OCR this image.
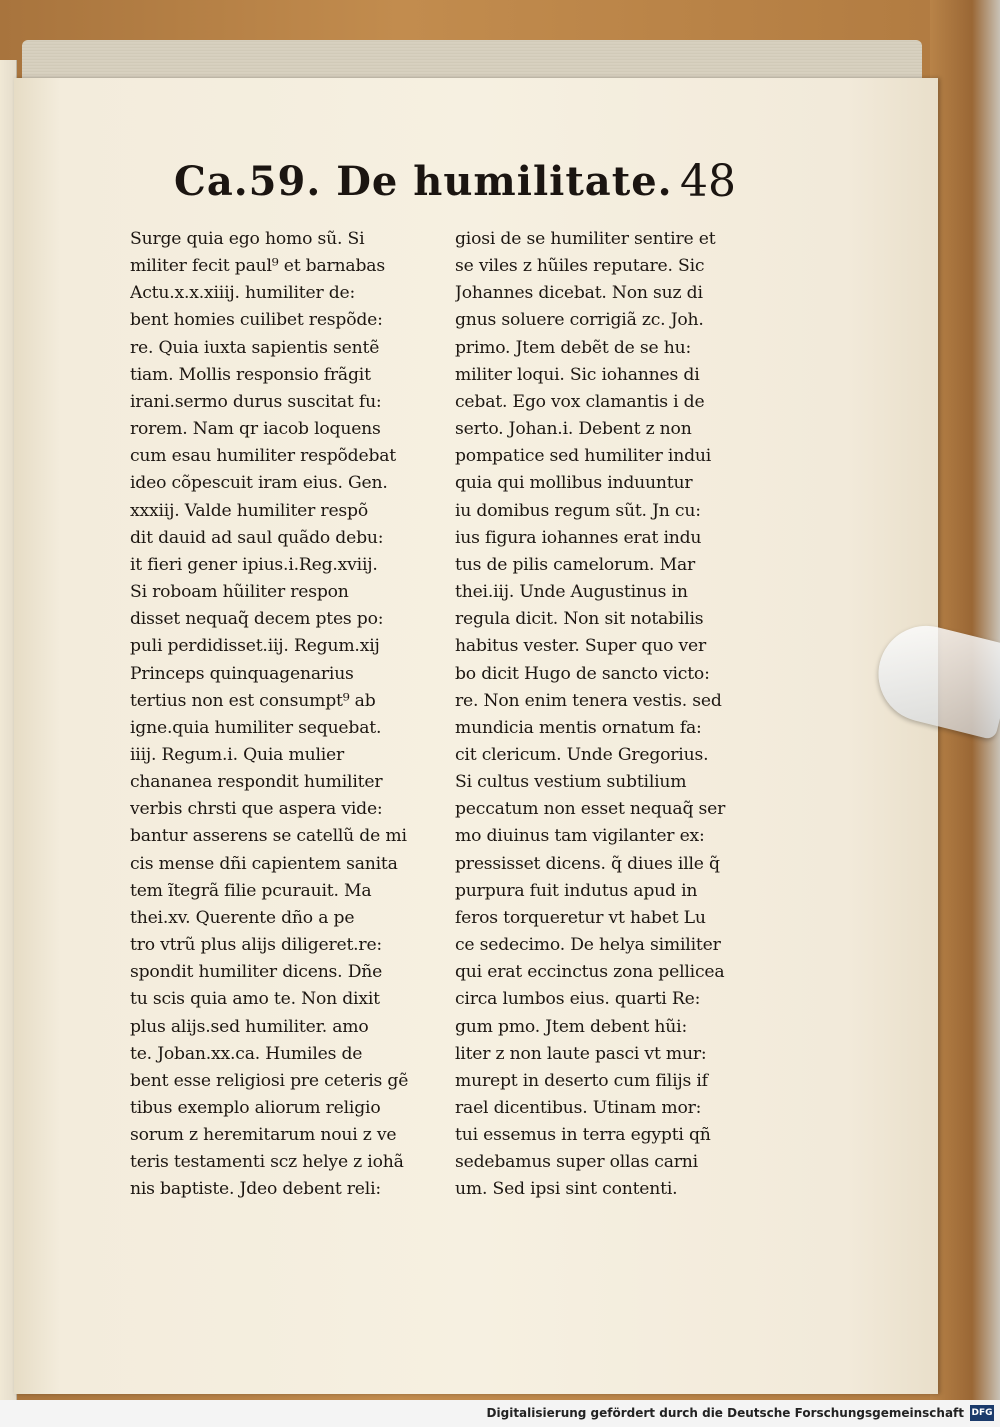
Ca.59. De humilitate. 48
Surge quia ego homo sũ. Si
militer fecit paul⁹ et barnabas
Actu.x.x.xiiij. humiliter de:
bent homies cuilibet respõde:
re. Quia iuxta sapientis sentẽ
tiam. Mollis responsio frãgit
irani.sermo durus suscitat fu:
rorem. Nam qr iacob loquens
cum esau humiliter respõdebat
ideo cõpescuit iram eius. Gen.
xxxiij. Valde humiliter respõ
dit dauid ad saul quãdo debu:
it fieri gener ipius.i.Reg.xviij.
Si roboam hũiliter respon
disset nequaq̃ decem ptes po:
puli perdidisset.iij. Regum.xij
Princeps quinquagenarius
tertius non est consumpt⁹ ab
igne.quia humiliter sequebat.
iiij. Regum.i. Quia mulier
chananea respondit humiliter
verbis chrsti que aspera vide:
bantur asserens se catellũ de mi
cis mense dñi capientem sanita
tem ĩtegrã filie pcurauit. Ma
thei.xv. Querente dño a pe
tro vtrũ plus alijs diligeret.re:
spondit humiliter dicens. Dñe
tu scis quia amo te. Non dixit
plus alijs.sed humiliter. amo
te. Joban.xx.ca. Humiles de
bent esse religiosi pre ceteris gẽ
tibus exemplo aliorum religio
sorum z heremitarum noui z ve
teris testamenti scz helye z iohã
nis baptiste. Jdeo debent reli:
giosi de se humiliter sentire et
se viles z hũiles reputare. Sic
Johannes dicebat. Non suz di
gnus soluere corrigiã zc. Joh.
primo. Jtem debẽt de se hu:
militer loqui. Sic iohannes di
cebat. Ego vox clamantis i de
serto. Johan.i. Debent z non
pompatice sed humiliter indui
quia qui mollibus induuntur
iu domibus regum sũt. Jn cu:
ius figura iohannes erat indu
tus de pilis camelorum. Mar
thei.iij. Unde Augustinus in
regula dicit. Non sit notabilis
habitus vester. Super quo ver
bo dicit Hugo de sancto victo:
re. Non enim tenera vestis. sed
mundicia mentis ornatum fa:
cit clericum. Unde Gregorius.
Si cultus vestium subtilium
peccatum non esset nequaq̃ ser
mo diuinus tam vigilanter ex:
pressisset dicens. q̃ diues ille q̃
purpura fuit indutus apud in
feros torqueretur vt habet Lu
ce sedecimo. De helya similiter
qui erat eccinctus zona pellicea
circa lumbos eius. quarti Re:
gum pmo. Jtem debent hũi:
liter z non laute pasci vt mur:
murept in deserto cum filijs if
rael dicentibus. Utinam mor:
tui essemus in terra egypti qñ
sedebamus super ollas carni
um. Sed ipsi sint contenti.
Digitalisierung gefördert durch die Deutsche Forschungsgemeinschaft DFG
